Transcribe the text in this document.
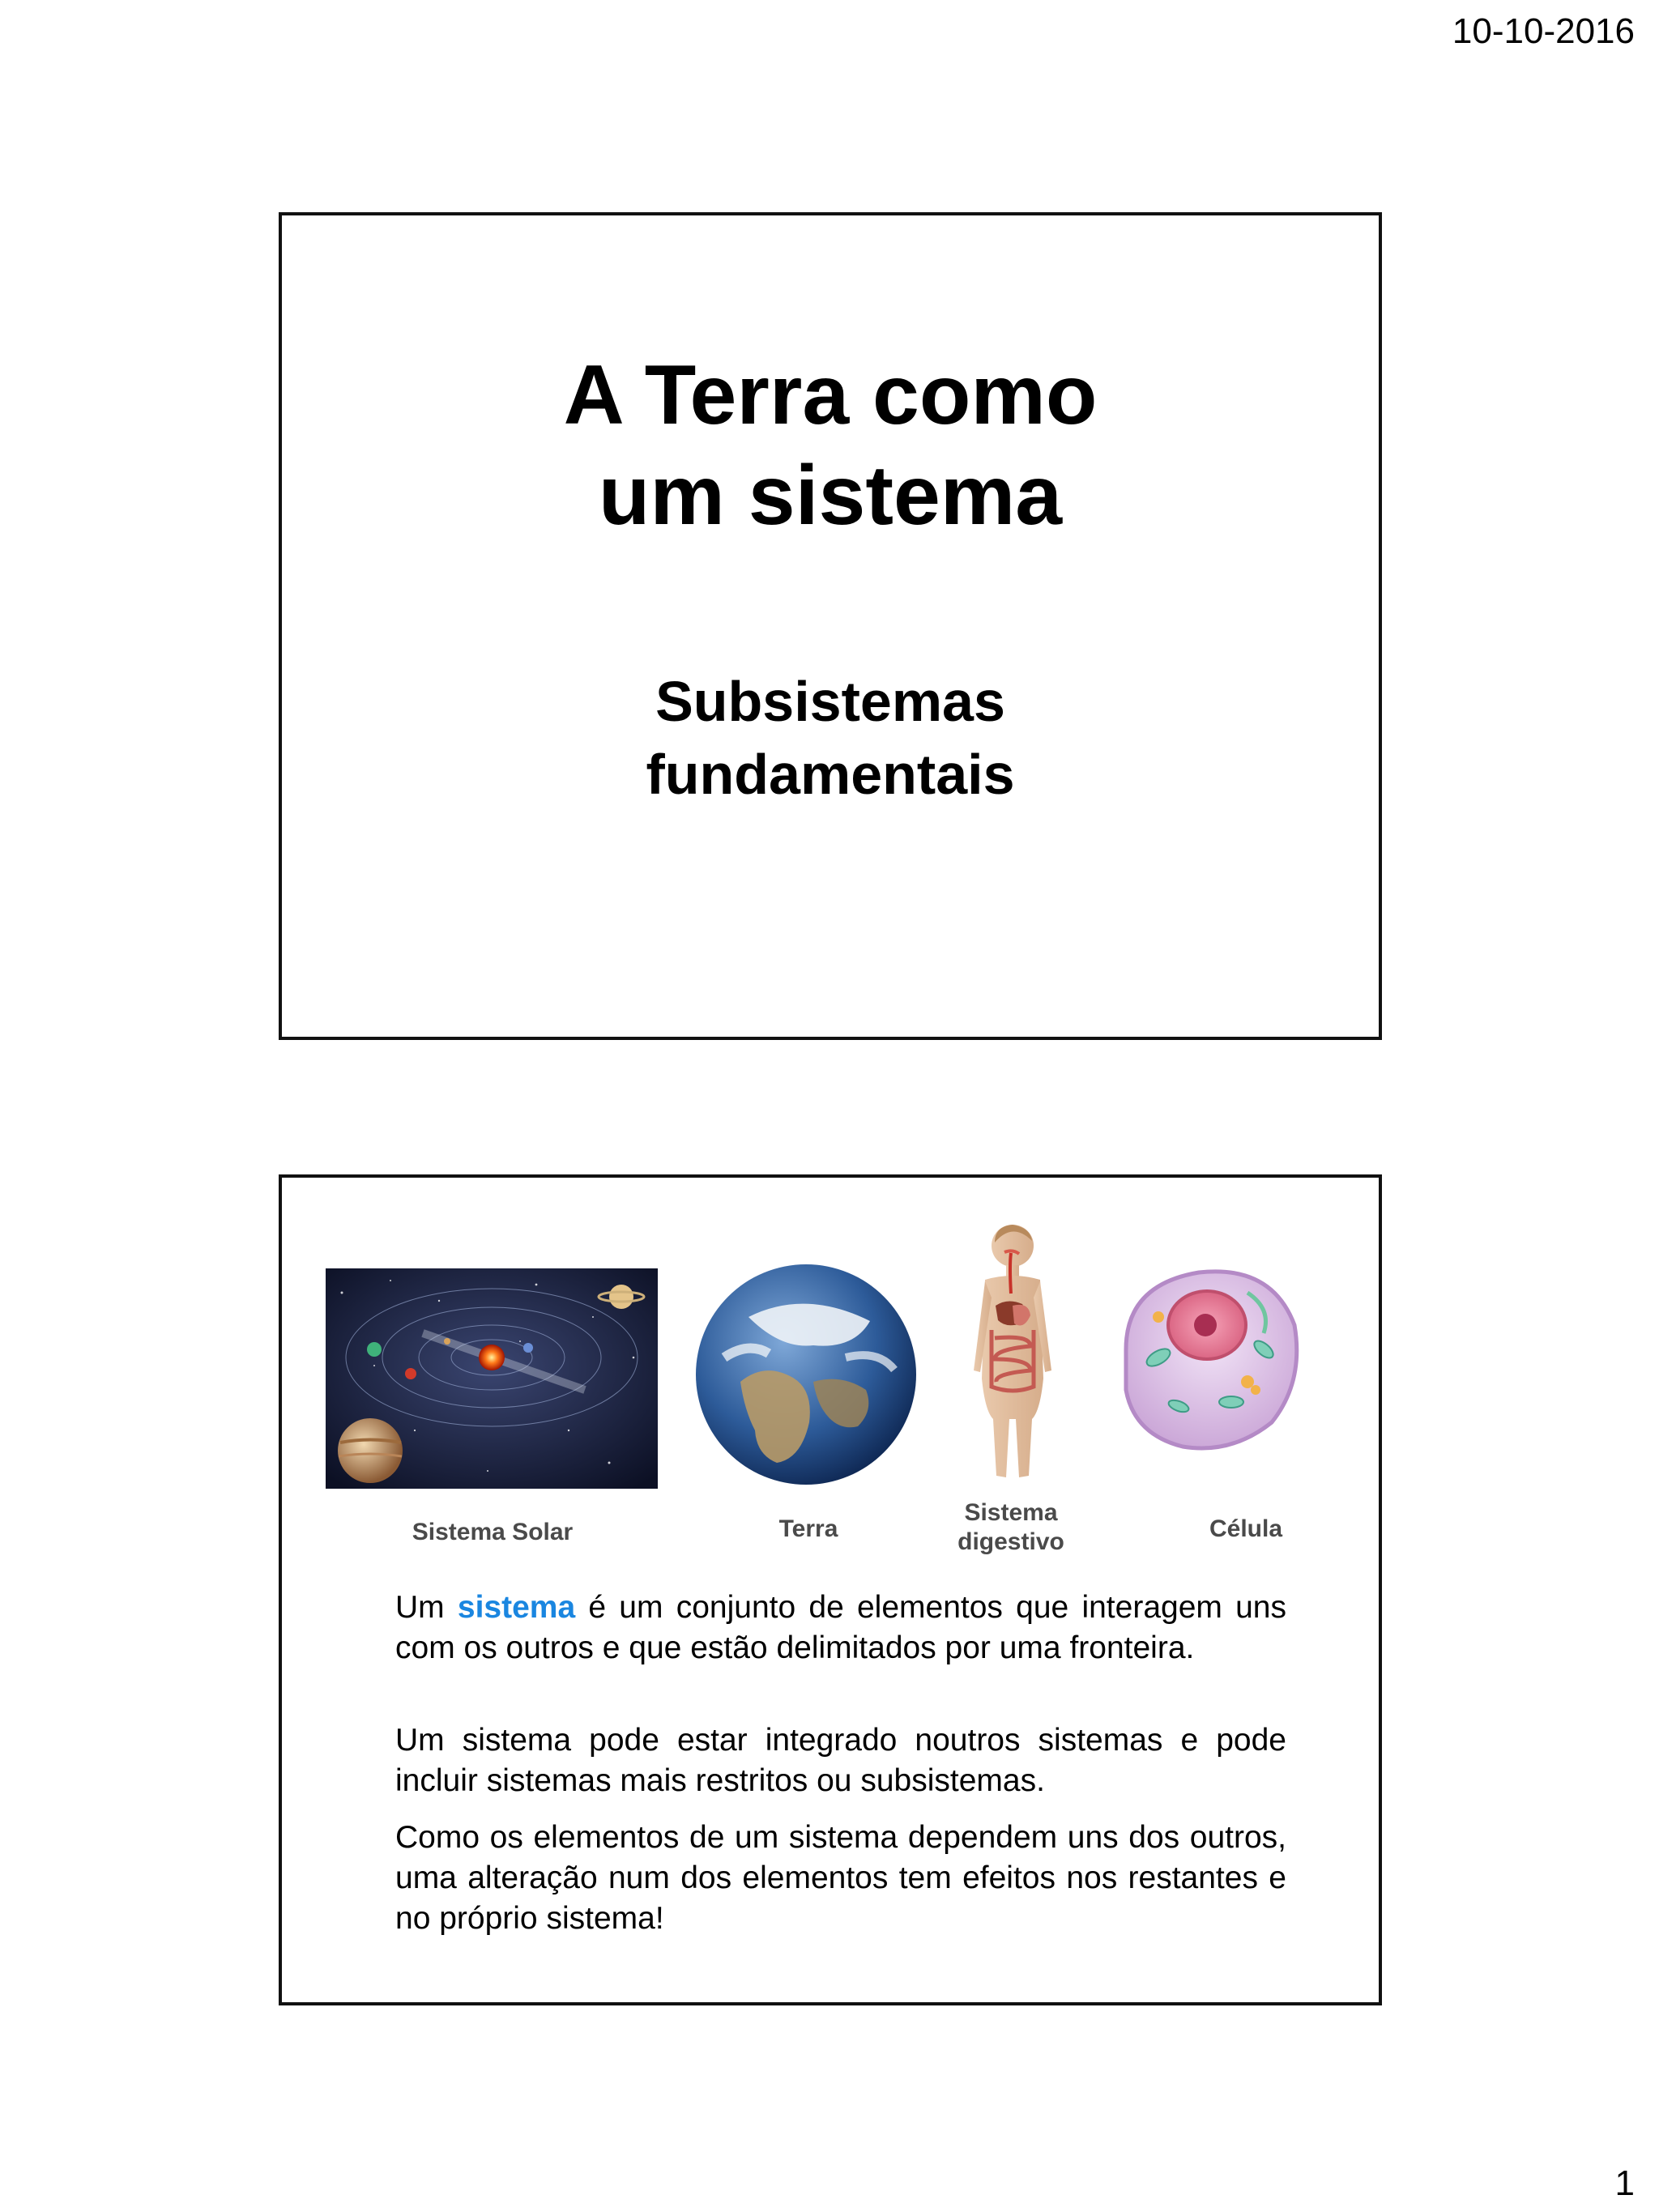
10-10-2016
A Terra como
um sistema
Subsistemas
fundamentais
Sistema Solar	Terra
Sistema
digestivo	Célula
Um sistema é um conjunto de elementos que interagem uns com os outros e que estão delimitados por uma fronteira.
Um sistema pode estar integrado noutros sistemas e pode incluir sistemas mais restritos ou subsistemas.
Como os elementos de um sistema dependem uns dos outros, uma alteração num dos elementos tem efeitos nos restantes e no próprio sistema!
1
